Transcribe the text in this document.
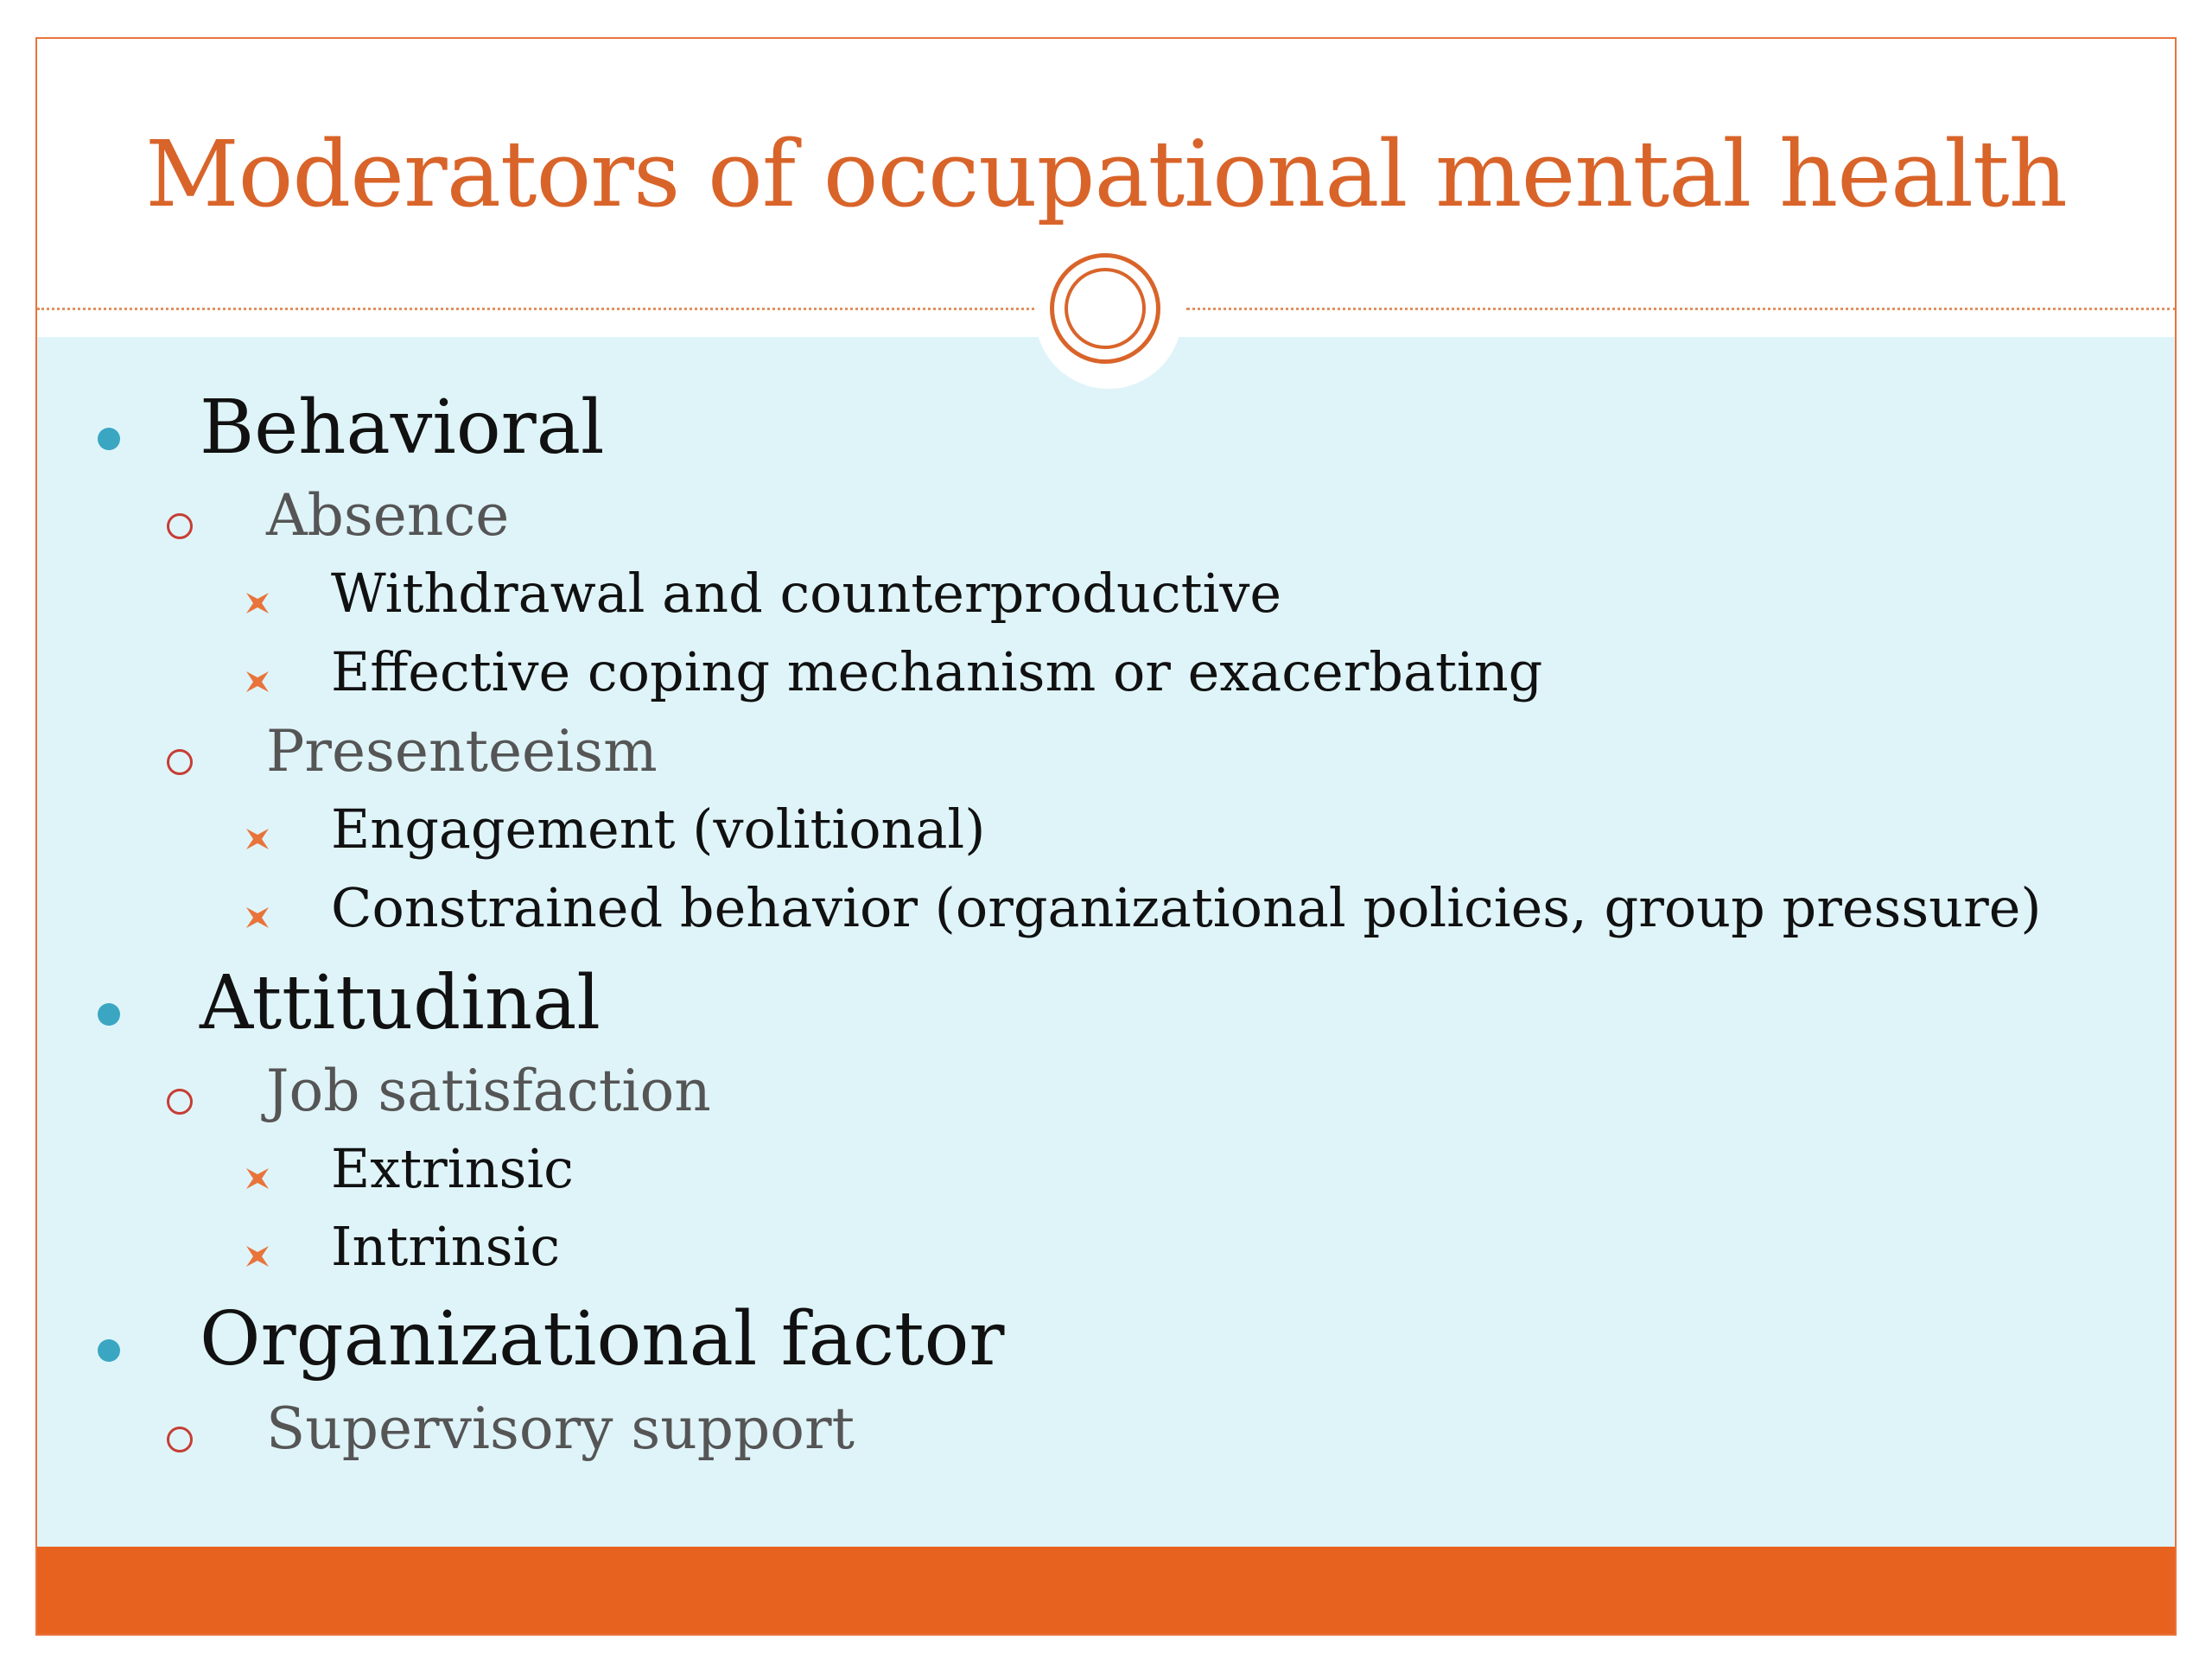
Moderators of occupational mental health
Behavioral
Absence
Withdrawal and counterproductive
Effective coping mechanism or exacerbating
Presenteeism
Engagement (volitional)
Constrained behavior (organizational policies, group pressure)
Attitudinal
Job satisfaction
Extrinsic
Intrinsic
Organizational factor
Supervisory support
